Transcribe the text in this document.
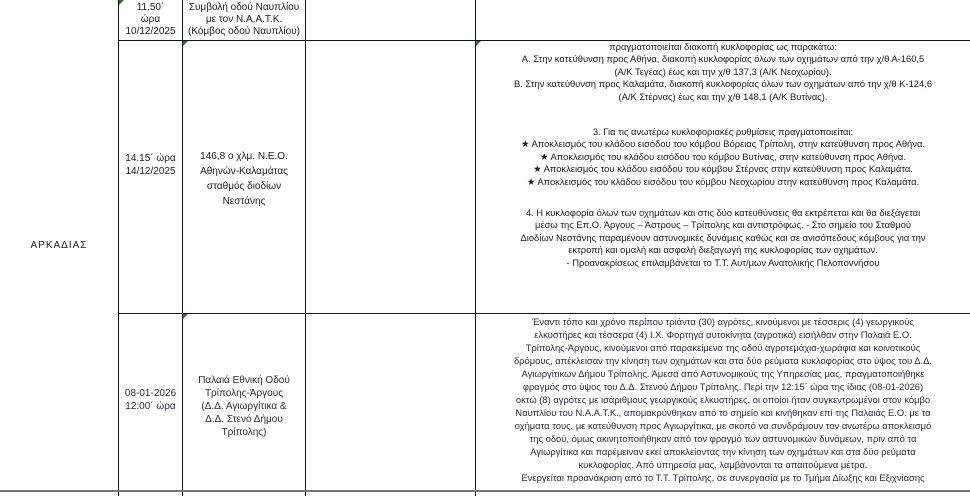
ΑΡΚΑΔΙΑΣ
11.50΄
ώρα
10/12/2025
Συμβολή οδού Ναυπλίου
με τον Ν.Α.Α.Τ.Κ.
(Κόμβος οδού Ναυπλίου)
14.15΄ ώρα
14/12/2025
146,8 ο χλμ. Ν.Ε.Ο.
Αθηνών-Καλαμάτας
σταθμός διοδίων
Νεστάνης
πραγματοποιείται διακοπή κυκλοφορίας ως παρακάτω:
Α. Στην κατεύθυνση προς Αθήνα, διακοπή κυκλοφορίας όλων των οχημάτων από την χ/θ Α-160,5
(Α/Κ Τεγέας) έως και την χ/θ 137,3 (Α/Κ Νεοχωρίου).
Β. Στην κατεύθυνση προς Καλαμάτα, διακοπή κυκλοφορίας όλων των οχημάτων από την χ/θ Κ-124,6
(Α/Κ Στέρνας) έως και την χ/θ 148,1 (Α/Κ Βυτίνας).
3. Για τις ανωτέρω κυκλοφοριακές ρυθμίσεις πραγματοποιείται:
★ Αποκλεισμός του κλάδου εισόδου του κόμβου Βόρειας Τρίπολη, στην κατεύθυνση προς Αθήνα.
★ Αποκλεισμός του κλάδου εισόδου του κόμβου Βυτίνας, στην κατεύθυνση προς Αθήνα.
★ Αποκλεισμός του κλάδου εισόδου του κόμβου Στέρνας στην κατεύθυνση προς Καλαμάτα.
★ Αποκλεισμός του κλάδου εισόδου του κόμβου Νεοχωρίου στην κατεύθυνση προς Καλαμάτα.
4. Η κυκλοφορία όλων των οχημάτων και στις δύο κατευθύνσεις θα εκτρέπεται και θα διεξάγεται
μέσω της Επ.Ο. Άργους – Άστρους – Τρίπολης και αντιστρόφως. - Στο σημείο του Σταθμού
Διοδίων Νεστάνης παραμένουν αστυνομικές δυνάμεις καθώς και σε ανισόπεδους κόμβους για την
εκτροπή και ομαλή και ασφαλή διεξαγωγή της κυκλοφορίας των οχημάτων.
- Προανακρίσεως επιλαμβάνεται το Τ.Τ. Αυτ/μων Ανατολικής Πελοποννήσου
08-01-2026
12:00΄ ώρα
Παλαιά Εθνική Οδού
Τρίπολης-Άργους
(Δ.Δ. Αγιωργίτικα &
Δ.Δ. Στενό Δήμου
Τρίπολης)
Έναντι τόπο και χρόνο περίπου τριάντα (30) αγρότες, κινούμενοι με τέσσερις (4) γεωργικούς
ελκυστήρες και τέσσερα (4) Ι.Χ. Φορτηγά αυτοκίνητα (αγροτικά) εισήλθαν στην Παλαιά Ε.Ο.
Τρίπολης-Άργους, κινούμενοι από παρακείμενα της οδού αγροτεμάχια-χωράφια και κοινοτικούς
δρόμους, απέκλεισαν την κίνηση των οχημάτων και στα δύο ρεύματα κυκλοφορίας στο ύψος του Δ.Δ.
Αγιωργίτικων Δήμου Τρίπολης. Άμεσα από Αστυνομικούς της Υπηρεσίας μας, πραγματοποιήθηκε
φραγμός στο ύψος του Δ.Δ. Στενού Δήμου Τρίπολης. Περί την 12:15΄ ώρα της ίδιας (08-01-2026)
οκτώ (8) αγρότες με ισάριθμους γεωργικούς ελκυστήρες, οι οποίοι ήταν συγκεντρωμένοι στον κόμβο
Ναυπλίου του Ν.Α.Α.Τ.Κ., απομακρύνθηκαν από το σημείο και κινήθηκαν επί της Παλαιάς Ε.Ο. με τα
οχήματα τους, με κατεύθυνση προς Αγιωργίτικα, με σκοπό να συνδράμουν τον ανωτέρω αποκλεισμό
της οδού, όμως ακινητοποιήθηκαν από τον φραγμό των αστυνομικών δυνάμεων, πριν από τα
Αγιωργίτικα και παρέμειναν εκεί αποκλείοντας την κίνηση των οχημάτων και στα δύο ρεύματα
κυκλοφορίας. Από υπηρεσία μας, λαμβάνονται τα απαιτούμενα μέτρα.
Ενεργείται προανάκριση από το Τ.Τ. Τρίπολης, σε συνεργασία με το Τμήμα Δίωξης και Εξιχνίασης
